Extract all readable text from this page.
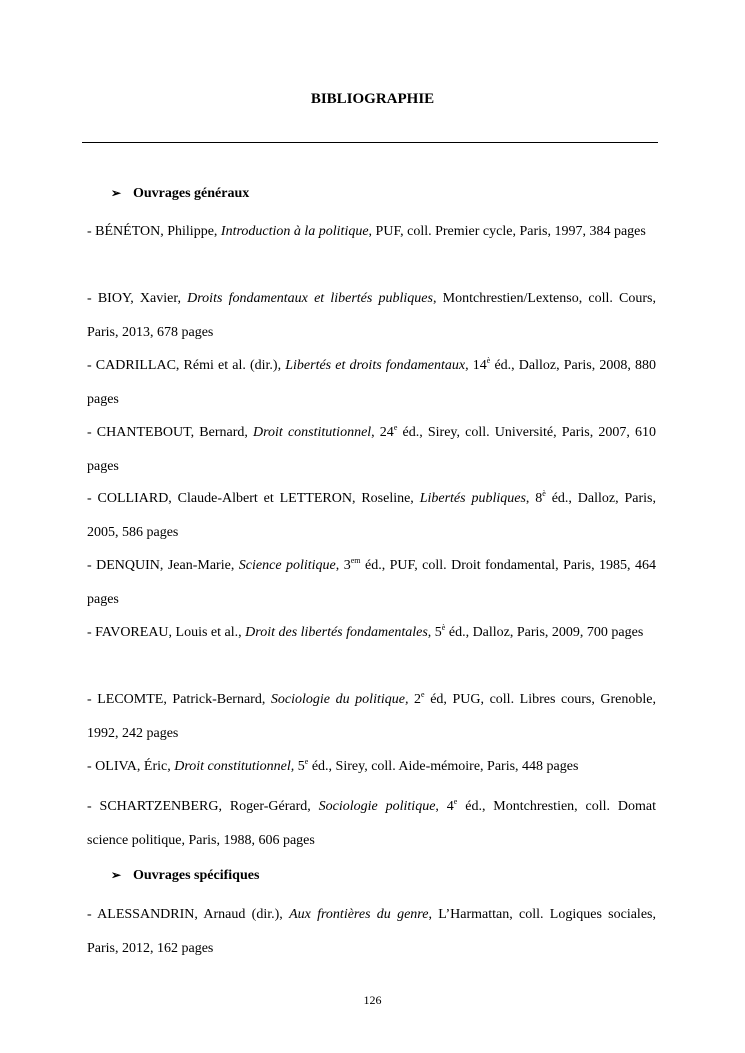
BIBLIOGRAPHIE
➢ Ouvrages généraux
- BÉNÉTON, Philippe, Introduction à la politique, PUF, coll. Premier cycle, Paris, 1997, 384 pages
- BIOY, Xavier, Droits fondamentaux et libertés publiques, Montchrestien/Lextenso, coll. Cours, Paris, 2013, 678 pages
- CADRILLAC, Rémi et al. (dir.), Libertés et droits fondamentaux, $14^è$ éd., Dalloz, Paris, 2008, 880 pages
- CHANTEBOUT, Bernard, Droit constitutionnel, 24e éd., Sirey, coll. Université, Paris, 2007, 610 pages
- COLLIARD, Claude-Albert et LETTERON, Roseline, Libertés publiques, $8^è$ éd., Dalloz, Paris, 2005, 586 pages
- DENQUIN, Jean-Marie, Science politique, $3^{em}$ éd., PUF, coll. Droit fondamental, Paris, 1985, 464 pages
- FAVOREAU, Louis et al., Droit des libertés fondamentales, $5^è$ éd., Dalloz, Paris, 2009, 700 pages
- LECOMTE, Patrick-Bernard, Sociologie du politique, 2e éd, PUG, coll. Libres cours, Grenoble, 1992, 242 pages
- OLIVA, Éric, Droit constitutionnel, 5e éd., Sirey, coll. Aide-mémoire, Paris, 448 pages
- SCHARTZENBERG, Roger-Gérard, Sociologie politique, 4e éd., Montchrestien, coll. Domat science politique, Paris, 1988, 606 pages
➢ Ouvrages spécifiques
- ALESSANDRIN, Arnaud (dir.), Aux frontières du genre, L’Harmattan, coll. Logiques sociales, Paris, 2012, 162 pages
126
